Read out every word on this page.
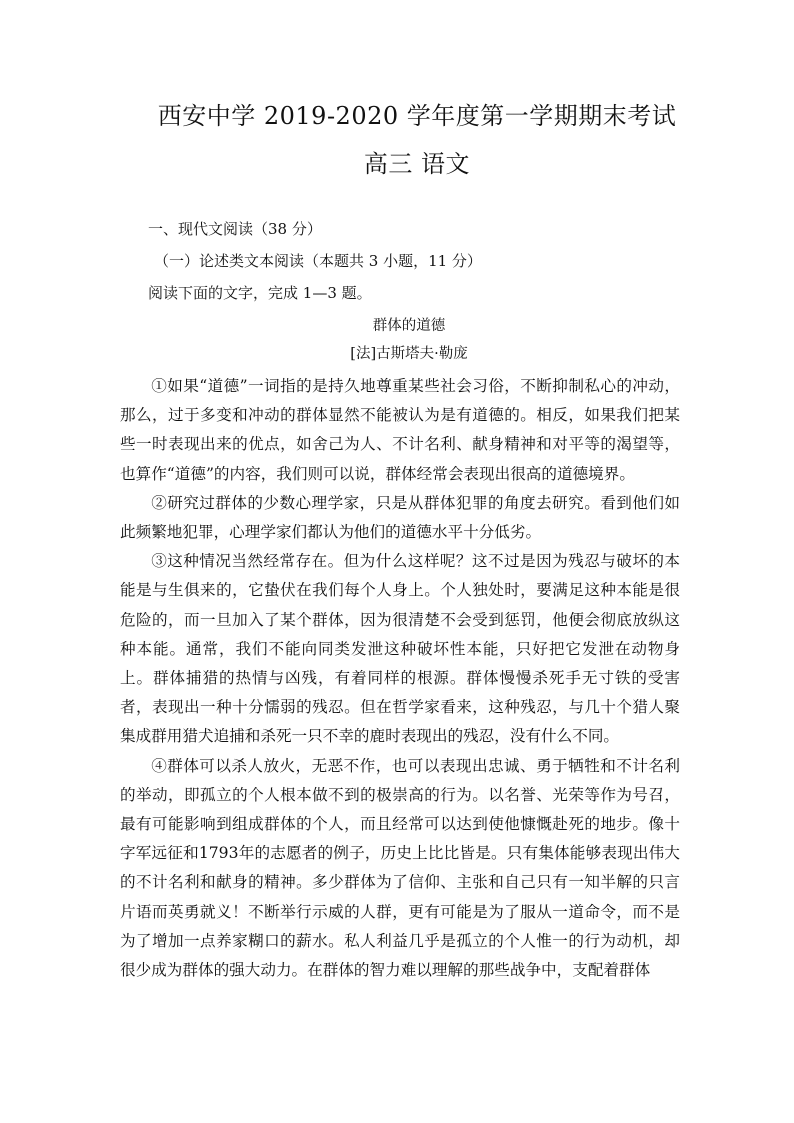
西安中学 2019-2020 学年度第一学期期末考试
高三 语文
一、现代文阅读（38 分）
（一）论述类文本阅读（本题共 3 小题，11 分）
阅读下面的文字，完成 1—3 题。
群体的道德
[法]古斯塔夫·勒庞

①如果“道德”一词指的是持久地尊重某些社会习俗，不断抑制私心的冲动，那么，过于多变和冲动的群体显然不能被认为是有道德的。相反，如果我们把某些一时表现出来的优点，如舍己为人、不计名利、献身精神和对平等的渴望等，也算作“道德”的内容，我们则可以说，群体经常会表现出很高的道德境界。

②研究过群体的少数心理学家，只是从群体犯罪的角度去研究。看到他们如此频繁地犯罪，心理学家们都认为他们的道德水平十分低劣。

③这种情况当然经常存在。但为什么这样呢？这不过是因为残忍与破坏的本能是与生俱来的，它蛰伏在我们每个人身上。个人独处时，要满足这种本能是很危险的，而一旦加入了某个群体，因为很清楚不会受到惩罚，他便会彻底放纵这种本能。通常，我们不能向同类发泄这种破坏性本能，只好把它发泄在动物身上。群体捕猎的热情与凶残，有着同样的根源。群体慢慢杀死手无寸铁的受害者，表现出一种十分懦弱的残忍。但在哲学家看来，这种残忍，与几十个猎人聚集成群用猎犬追捕和杀死一只不幸的鹿时表现出的残忍，没有什么不同。

④群体可以杀人放火，无恶不作，也可以表现出忠诚、勇于牺牲和不计名利的举动，即孤立的个人根本做不到的极崇高的行为。以名誉、光荣等作为号召，最有可能影响到组成群体的个人，而且经常可以达到使他慷慨赴死的地步。像十字军远征和1793年的志愿者的例子，历史上比比皆是。只有集体能够表现出伟大的不计名利和献身的精神。多少群体为了信仰、主张和自己只有一知半解的只言片语而英勇就义！不断举行示威的人群，更有可能是为了服从一道命令，而不是为了增加一点养家糊口的薪水。私人利益几乎是孤立的个人惟一的行为动机，却很少成为群体的强大动力。在群体的智力难以理解的那些战争中，支配着群体
